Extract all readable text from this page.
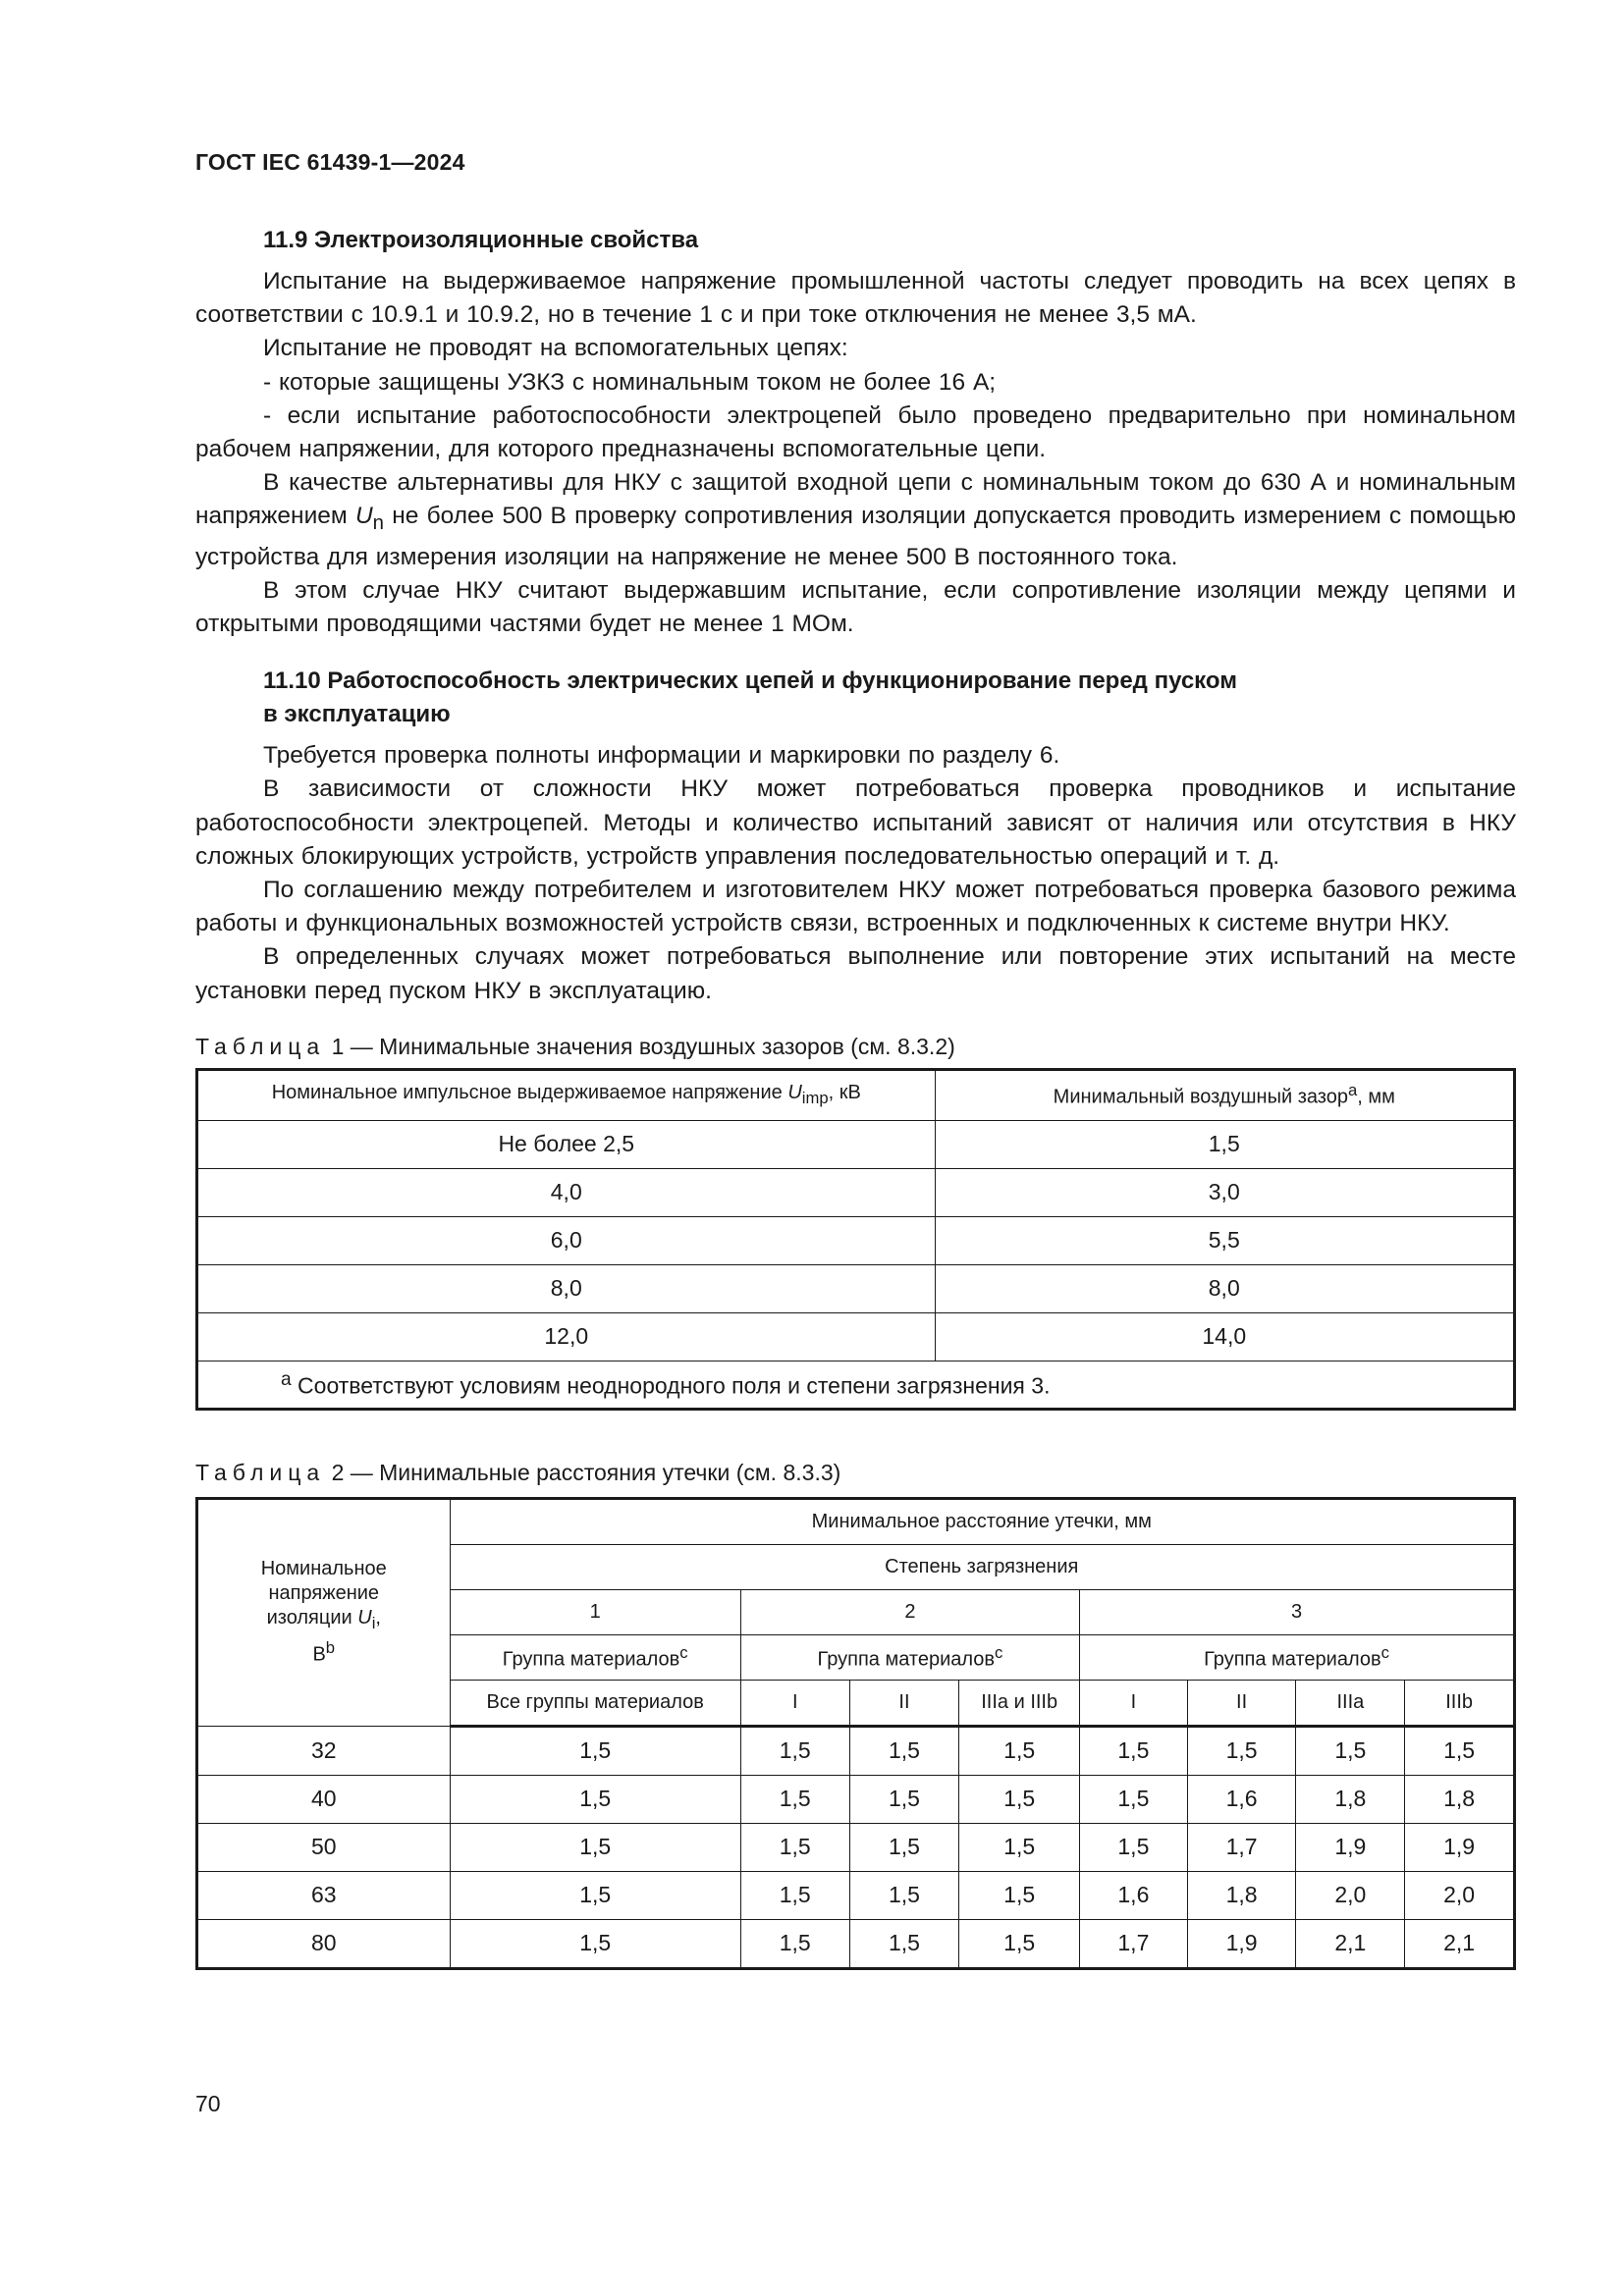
ГОСТ IEC 61439-1—2024
11.9 Электроизоляционные свойства

Испытание на выдерживаемое напряжение промышленной частоты следует проводить на всех цепях в соответствии с 10.9.1 и 10.9.2, но в течение 1 с и при токе отключения не менее 3,5 мА.

Испытание не проводят на вспомогательных цепях:

- которые защищены УЗКЗ с номинальным током не более 16 А;

- если испытание работоспособности электроцепей было проведено предварительно при номинальном рабочем напряжении, для которого предназначены вспомогательные цепи.

В качестве альтернативы для НКУ с защитой входной цепи с номинальным током до 630 А и номинальным напряжением $U_n$ не более 500 В проверку сопротивления изоляции допускается проводить измерением с помощью устройства для измерения изоляции на напряжение не менее 500 В постоянного тока.

В этом случае НКУ считают выдержавшим испытание, если сопротивление изоляции между цепями и открытыми проводящими частями будет не менее 1 МОм.

11.10 Работоспособность электрических цепей и функционирование перед пуском
в эксплуатацию

Требуется проверка полноты информации и маркировки по разделу 6.

В зависимости от сложности НКУ может потребоваться проверка проводников и испытание работоспособности электроцепей. Методы и количество испытаний зависят от наличия или отсутствия в НКУ сложных блокирующих устройств, устройств управления последовательностью операций и т. д.

По соглашению между потребителем и изготовителем НКУ может потребоваться проверка базового режима работы и функциональных возможностей устройств связи, встроенных и подключенных к системе внутри НКУ.

В определенных случаях может потребоваться выполнение или повторение этих испытаний на месте установки перед пуском НКУ в эксплуатацию.

Таблица 1 — Минимальные значения воздушных зазоров (см. 8.3.2)
Номинальное импульсное выдерживаемое напряжение $U_{imp}$, кВ	Минимальный воздушный зазор$^a$, мм
Не более 2,5	1,5
4,0	3,0
6,0	5,5
8,0	8,0
12,0	14,0
$^a$ Соответствуют условиям неоднородного поля и степени загрязнения 3.	
Таблица 2 — Минимальные расстояния утечки (см. 8.3.3)
Номинальное
напряжение
изоляции $U_i$,
$В^b$	Минимальное расстояние утечки, мм							
	Степень загрязнения							
	1	2			3			
	Группа материалов$^c$	Группа материалов$^c$			Группа материалов$^c$
	Все группы материалов	I	II	IIIa и IIIb	I	II	IIIa	IIIb
32	1,5	1,5	1,5	1,5	1,5	1,5	1,5	1,5
40	1,5	1,5	1,5	1,5	1,5	1,6	1,8	1,8
50	1,5	1,5	1,5	1,5	1,5	1,7	1,9	1,9
63	1,5	1,5	1,5	1,5	1,6	1,8	2,0	2,0
80	1,5	1,5	1,5	1,5	1,7	1,9	2,1	2,1
70
